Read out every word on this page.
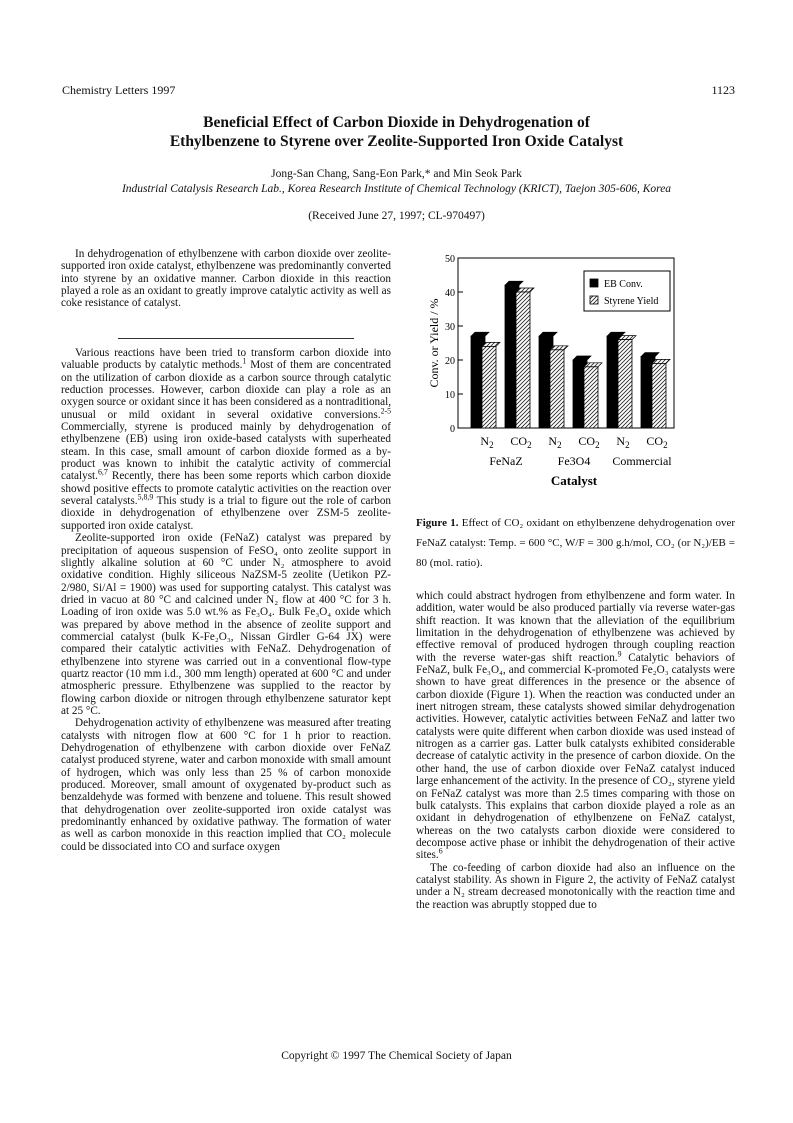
Chemistry Letters 1997	1123
Beneficial Effect of Carbon Dioxide in Dehydrogenation of
Ethylbenzene to Styrene over Zeolite-Supported Iron Oxide Catalyst
Jong-San Chang, Sang-Eon Park,* and Min Seok Park
Industrial Catalysis Research Lab., Korea Research Institute of Chemical Technology (KRICT), Taejon 305-606, Korea
(Received June 27, 1997; CL-970497)

In dehydrogenation of ethylbenzene with carbon dioxide over zeolite-supported iron oxide catalyst, ethylbenzene was predominantly converted into styrene by an oxidative manner. Carbon dioxide in this reaction played a role as an oxidant to greatly improve catalytic activity as well as coke resistance of catalyst.

Various reactions have been tried to transform carbon dioxide into valuable products by catalytic methods.$^1$ Most of them are concentrated on the utilization of carbon dioxide as a carbon source through catalytic reduction processes. However, carbon dioxide can play a role as an oxygen source or oxidant since it has been considered as a nontraditional, unusual or mild oxidant in several oxidative conversions.$^{2-5}$ Commercially, styrene is produced mainly by dehydrogenation of ethylbenzene (EB) using iron oxide-based catalysts with superheated steam. In this case, small amount of carbon dioxide formed as a by-product was known to inhibit the catalytic activity of commercial catalyst.$^{6,7}$ Recently, there has been some reports which carbon dioxide showd positive effects to promote catalytic activities on the reaction over several catalysts.$^{5,8,9}$ This study is a trial to figure out the role of carbon dioxide in dehydrogenation of ethylbenzene over ZSM-5 zeolite-supported iron oxide catalyst.

Zeolite-supported iron oxide (FeNaZ) catalyst was prepared by precipitation of aqueous suspension of FeSO₄ onto zeolite support in slightly alkaline solution at 60 °C under N₂ atmosphere to avoid oxidative condition. Highly siliceous NaZSM-5 zeolite (Uetikon PZ-2/980, Si/Al = 1900) was used for supporting catalyst. This catalyst was dried in vacuo at 80 °C and calcined under N₂ flow at 400 °C for 3 h. Loading of iron oxide was 5.0 wt.% as Fe₃O₄. Bulk Fe₃O₄ oxide which was prepared by above method in the absence of zeolite support and commercial catalyst (bulk K-Fe₂O₃, Nissan Girdler G-64 JX) were compared their catalytic activities with FeNaZ. Dehydrogenation of ethylbenzene into styrene was carried out in a conventional flow-type quartz reactor (10 mm i.d., 300 mm length) operated at 600 °C and under atmospheric pressure. Ethylbenzene was supplied to the reactor by flowing carbon dioxide or nitrogen through ethylbenzene saturator kept at 25 °C.

Dehydrogenation activity of ethylbenzene was measured after treating catalysts with nitrogen flow at 600 °C for 1 h prior to reaction. Dehydrogenation of ethylbenzene with carbon dioxide over FeNaZ catalyst produced styrene, water and carbon monoxide with small amount of hydrogen, which was only less than 25 % of carbon monoxide produced. Moreover, small amount of oxygenated by-product such as benzaldehyde was formed with benzene and toluene. This result showed that dehydrogenation over zeolite-supported iron oxide catalyst was predominantly enhanced by oxidative pathway. The formation of water as well as carbon monoxide in this reaction implied that CO₂ molecule could be dissociated into CO and surface oxygen

0
10
20
30
40
50
$N_2$ $CO_2$ $N_2$ $CO_2$ $N_2$ $CO_2$
FeNaZ	Fe3O4 Commercial
Catalyst
Conv. or Yield / %
EB Conv.
Styrene Yield
Figure 1. Effect of CO₂ oxidant on ethylbenzene dehydrogenation over FeNaZ catalyst: Temp. = 600 °C, W/F = 300 g.h/mol, CO₂ (or N₂)/EB = 80 (mol. ratio).

which could abstract hydrogen from ethylbenzene and form water. In addition, water would be also produced partially via reverse water-gas shift reaction. It was known that the alleviation of the equilibrium limitation in the dehydrogenation of ethylbenzene was achieved by effective removal of produced hydrogen through coupling reaction with the reverse water-gas shift reaction.$^9$ Catalytic behaviors of FeNaZ, bulk Fe₃O₄, and commercial K-promoted Fe₂O₃ catalysts were shown to have great differences in the presence or the absence of carbon dioxide (Figure 1). When the reaction was conducted under an inert nitrogen stream, these catalysts showed similar dehydrogenation activities. However, catalytic activities between FeNaZ and latter two catalysts were quite different when carbon dioxide was used instead of nitrogen as a carrier gas. Latter bulk catalysts exhibited considerable decrease of catalytic activity in the presence of carbon dioxide. On the other hand, the use of carbon dioxide over FeNaZ catalyst induced large enhancement of the activity. In the presence of CO₂, styrene yield on FeNaZ catalyst was more than 2.5 times comparing with those on bulk catalysts. This explains that carbon dioxide played a role as an oxidant in dehydrogenation of ethylbenzene on FeNaZ catalyst, whereas on the two catalysts carbon dioxide were considered to decompose active phase or inhibit the dehydrogenation of their active sites.$^6$

The co-feeding of carbon dioxide had also an influence on the catalyst stability. As shown in Figure 2, the activity of FeNaZ catalyst under a N₂ stream decreased monotonically with the reaction time and the reaction was abruptly stopped due to

Copyright © 1997 The Chemical Society of Japan
